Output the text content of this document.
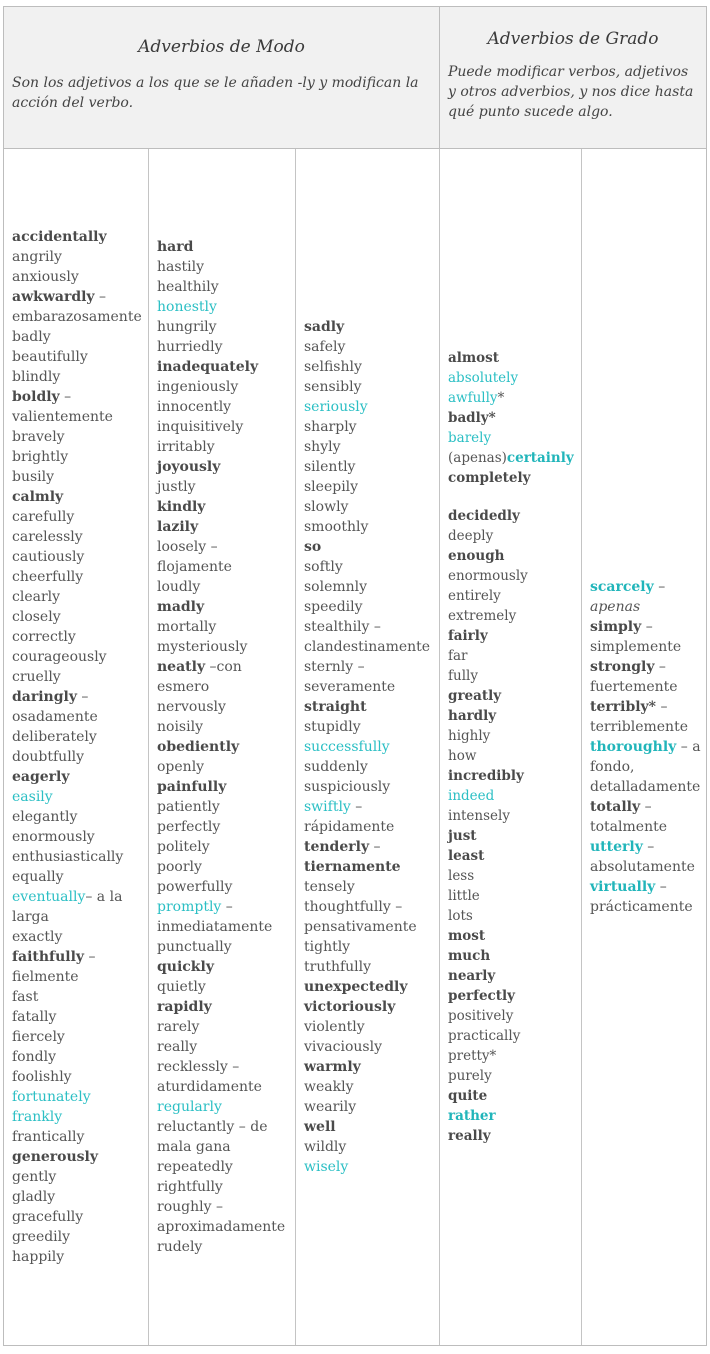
Adverbios de Modo
Son los adjetivos a los que se le añaden -ly y modifican la acción del verbo.
Adverbios de Grado
Puede modificar verbos, adjetivos y otros adverbios, y nos dice hasta qué punto sucede algo.
accidentally
angrily
anxiously
awkwardly –
embarazosamente
badly
beautifully
blindly
boldly –
valientemente
bravely
brightly
busily
calmly
carefully
carelessly
cautiously
cheerfully
clearly
closely
correctly
courageously
cruelly
daringly –
osadamente
deliberately
doubtfully
eagerly
easily
elegantly
enormously
enthusiastically
equally
eventually– a la
larga
exactly
faithfully –
fielmente
fast
fatally
fiercely
fondly
foolishly
fortunately
frankly
frantically
generously
gently
gladly
gracefully
greedily
happily
hard
hastily
healthily
honestly
hungrily
hurriedly
inadequately
ingeniously
innocently
inquisitively
irritably
joyously
justly
kindly
lazily
loosely –
flojamente
loudly
madly
mortally
mysteriously
neatly –con
esmero
nervously
noisily
obediently
openly
painfully
patiently
perfectly
politely
poorly
powerfully
promptly –
inmediatamente
punctually
quickly
quietly
rapidly
rarely
really
recklessly –
aturdidamente
regularly
reluctantly – de
mala gana
repeatedly
rightfully
roughly –
aproximadamente
rudely
sadly
safely
selfishly
sensibly
seriously
sharply
shyly
silently
sleepily
slowly
smoothly
so
softly
solemnly
speedily
stealthily –
clandestinamente
sternly –
severamente
straight
stupidly
successfully
suddenly
suspiciously
swiftly –
rápidamente
tenderly –
tiernamente
tensely
thoughtfully –
pensativamente
tightly
truthfully
unexpectedly
victoriously
violently
vivaciously
warmly
weakly
wearily
well
wildly
wisely
almost
absolutely
awfully*
badly*
barely
(apenas)certainly
completely
decidedly
deeply
enough
enormously
entirely
extremely
fairly
far
fully
greatly
hardly
highly
how
incredibly
indeed
intensely
just
least
less
little
lots
most
much
nearly
perfectly
positively
practically
pretty*
purely
quite
rather
really
scarcely –
apenas
simply –
simplemente
strongly –
fuertemente
terribly* –
terriblemente
thoroughly – a
fondo,
detalladamente
totally –
totalmente
utterly –
absolutamente
virtually –
prácticamente
